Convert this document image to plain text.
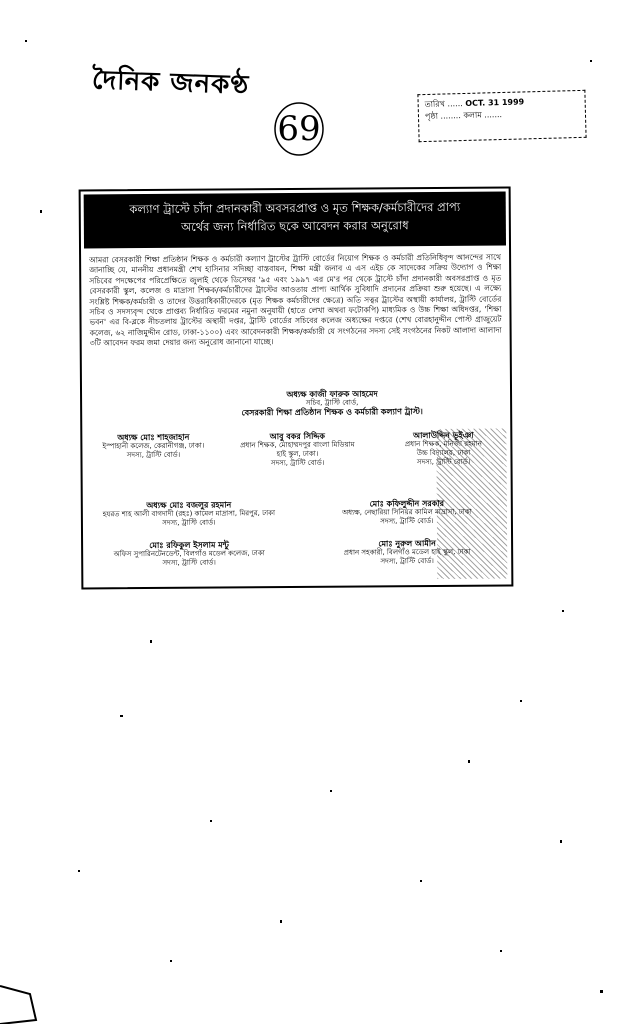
দৈনিক জনকণ্ঠ
69
তারিখ ...... OCT. 31 1999
পৃষ্ঠা ........ কলাম .......
কল্যাণ ট্রাস্টে চাঁদা প্রদানকারী অবসরপ্রাপ্ত ও মৃত শিক্ষক/কর্মচারীদের প্রাপ্য
অর্থের জন্য নির্ধারিত ছকে আবেদন করার অনুরোধ
আমরা বেসরকারী শিক্ষা প্রতিষ্ঠান শিক্ষক ও কর্মচারী কল্যাণ ট্রাস্টের ট্রাস্টি বোর্ডের নিয়োগ শিক্ষক ও কর্মচারী প্রতিনিধিবৃন্দ আনন্দের সাথে জানাচ্ছি যে, মাননীয় প্রধানমন্ত্রী শেখ হাসিনার সদিচ্ছা বাস্তবায়ন, শিক্ষা মন্ত্রী জনাব এ এস এইচ কে সাদেকের সক্রিয় উদ্যোগ ও শিক্ষা সচিবের পদক্ষেপের পরিপ্রেক্ষিতে জুলাই থেকে ডিসেম্বর '৯৫ এবং ১৯৯৭ এর মে'র পর থেকে ট্রাস্টে চাঁদা প্রদানকারী অবসরপ্রাপ্ত ও মৃত বেসরকারী স্কুল, কলেজ ও মাদ্রাসা শিক্ষক/কর্মচারীদের ট্রাস্টের আওতায় প্রাপ্য আর্থিক সুবিধাদি প্রদানের প্রক্রিয়া শুরু হয়েছে। এ লক্ষ্যে সংশ্লিষ্ট শিক্ষক/কর্মচারী ও তাদের উত্তরাধিকারীদেরকে (মৃত শিক্ষক কর্মচারীদের ক্ষেত্রে) অতি সত্বর ট্রাস্টের অস্থায়ী কার্যালয়, ট্রাস্টি বোর্ডের সচিব ও সদস্যবৃন্দ থেকে প্রাপ্তব্য নির্ধারিত ফরমের নমুনা অনুযায়ী (হাতে লেখা অথবা ফটোকপি) মাধ্যমিক ও উচ্চ শিক্ষা অধিদপ্তর, 'শিক্ষা ভবন' এর বি-ব্লকে নীচতলায় ট্রাস্টের অস্থায়ী দপ্তর, ট্রাস্টি বোর্ডের সচিবের কলেজ অধ্যক্ষের দপ্তরে (শেখ বোরহানুদ্দীন পোস্ট গ্রাজুয়েট কলেজ, ৬২ নাজিমুদ্দীন রোড, ঢাকা-১১০০) এবং আবেদনকারী শিক্ষক/কর্মচারী যে সংগঠনের সদস্য সেই সংগঠনের নিকট আলাদা আলাদা ৩টি আবেদন ফরম জমা দেয়ার জন্য অনুরোধ জানানো যাচ্ছে।
অধ্যক্ষ কাজী ফারুক আহমেদ
সচিব, ট্রাস্টি বোর্ড,
বেসরকারী শিক্ষা প্রতিষ্ঠান শিক্ষক ও কর্মচারী কল্যাণ ট্রাস্ট।
অধ্যক্ষ মোঃ শাহজাহান
ইস্পাহানী কলেজ, কেরানীগঞ্জ, ঢাকা।
সদস্য, ট্রাস্টি বোর্ড।
আবু বকর সিদ্দিক
প্রধান শিক্ষক, মোহাম্মদপুর বাংলা মিডিয়াম
হাই স্কুল, ঢাকা।
সদস্য, ট্রাস্টি বোর্ড।
আলাউদ্দিন ভূইঞা
প্রধান শিক্ষক, মনিজা রহমান
উচ্চ বিদ্যালয়, ঢাকা
সদস্য, ট্রাস্টি বোর্ড।
অধ্যক্ষ মোঃ বজলুর রহমান
হযরত শাহ আলী বাগদাদী (রহঃ) কামেল মাদ্রাসা, মিরপুর, ঢাকা
সদস্য, ট্রাস্টি বোর্ড।
মোঃ কফিলুদ্দীন সরকার
অধ্যক্ষ, নেছারিয়া সিনিয়র কামিল মাদ্রাসা, ঢাকা
সদস্য, ট্রাস্টি বোর্ড।
মোঃ রফিকুল ইসলাম মন্টু
অফিস সুপারিনটেনডেন্ট, বিলগাঁও মডেল কলেজ, ঢাকা
সদস্য, ট্রাস্টি বোর্ড।
মোঃ নুরুল আমীন
প্রধান সহকারী, বিলগাঁও মডেল হাই স্কুল, ঢাকা
সদস্য, ট্রাস্টি বোর্ড।
